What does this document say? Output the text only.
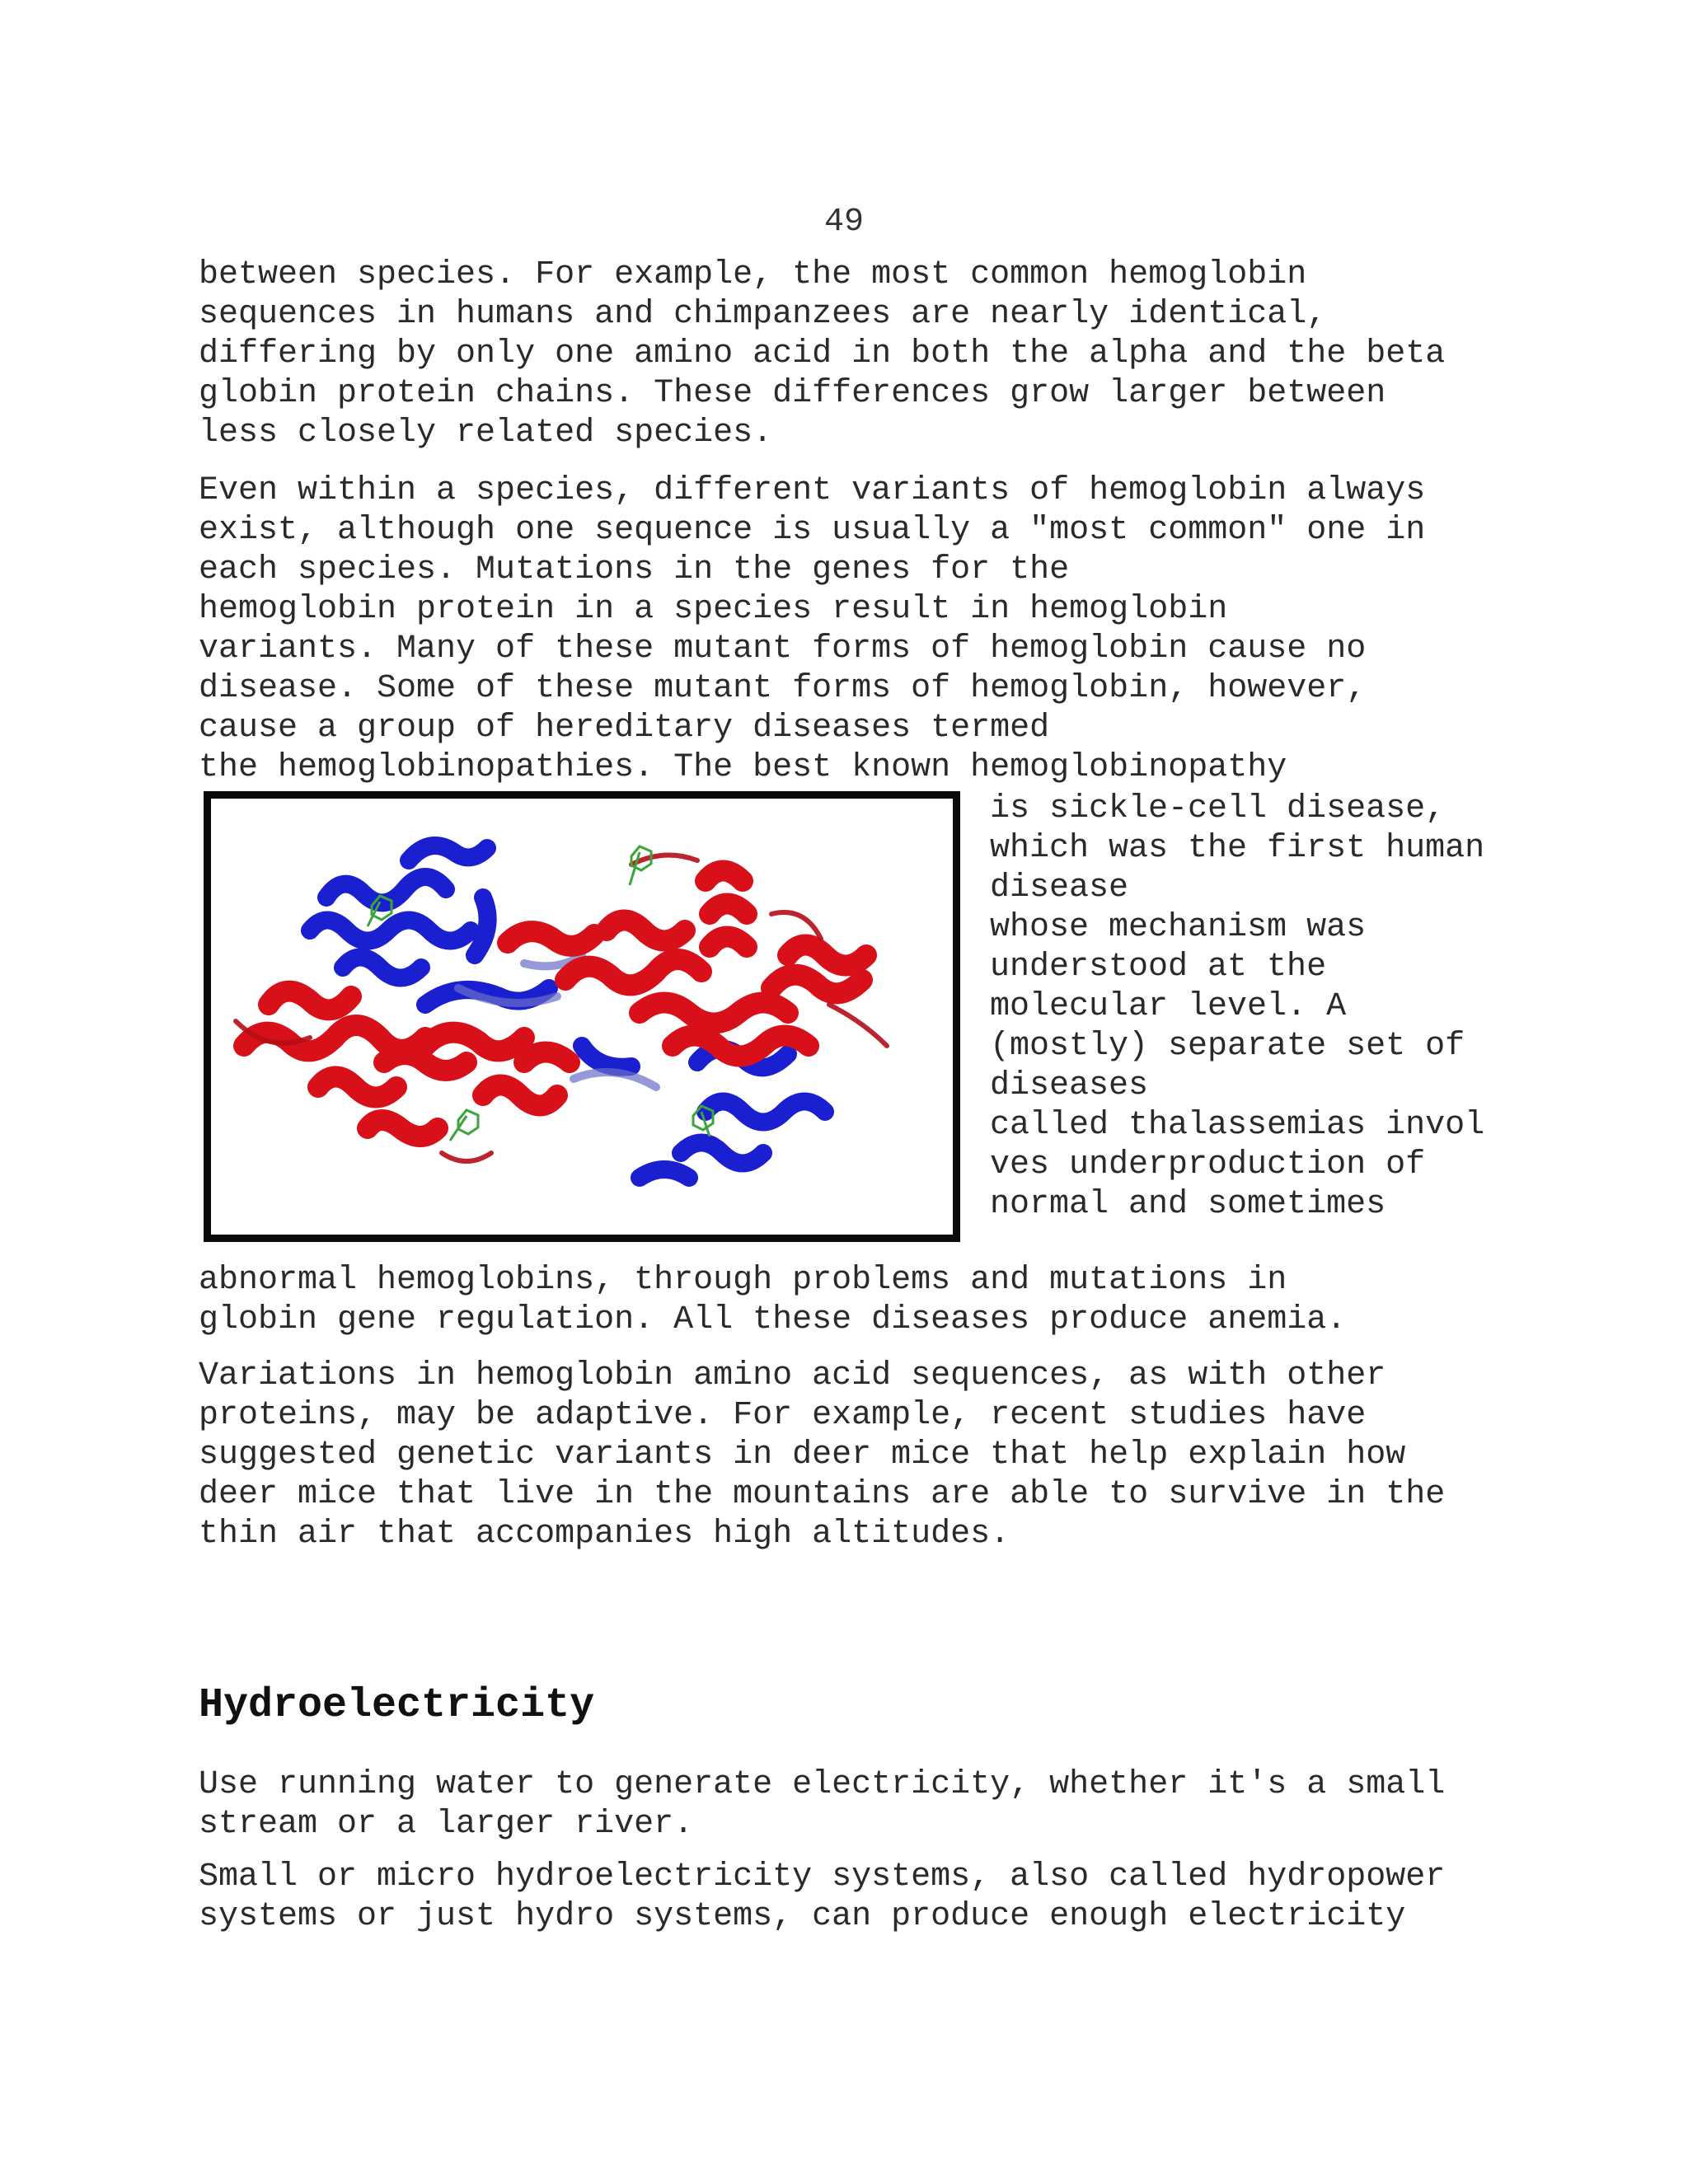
49
between species. For example, the most common hemoglobin
sequences in humans and chimpanzees are nearly identical,
differing by only one amino acid in both the alpha and the beta
globin protein chains. These differences grow larger between
less closely related species.
Even within a species, different variants of hemoglobin always
exist, although one sequence is usually a "most common" one in
each species. Mutations in the genes for the
hemoglobin protein in a species result in hemoglobin
variants. Many of these mutant forms of hemoglobin cause no
disease. Some of these mutant forms of hemoglobin, however,
cause a group of hereditary diseases termed
the hemoglobinopathies. The best known hemoglobinopathy
is sickle-cell disease,
which was the first human
disease
whose mechanism was
understood at the
molecular level. A
(mostly) separate set of
diseases
called thalassemias invol
ves underproduction of
normal and sometimes
abnormal hemoglobins, through problems and mutations in
globin gene regulation. All these diseases produce anemia.
Variations in hemoglobin amino acid sequences, as with other
proteins, may be adaptive. For example, recent studies have
suggested genetic variants in deer mice that help explain how
deer mice that live in the mountains are able to survive in the
thin air that accompanies high altitudes.
Hydroelectricity
Use running water to generate electricity, whether it's a small
stream or a larger river.
Small or micro hydroelectricity systems, also called hydropower
systems or just hydro systems, can produce enough electricity
